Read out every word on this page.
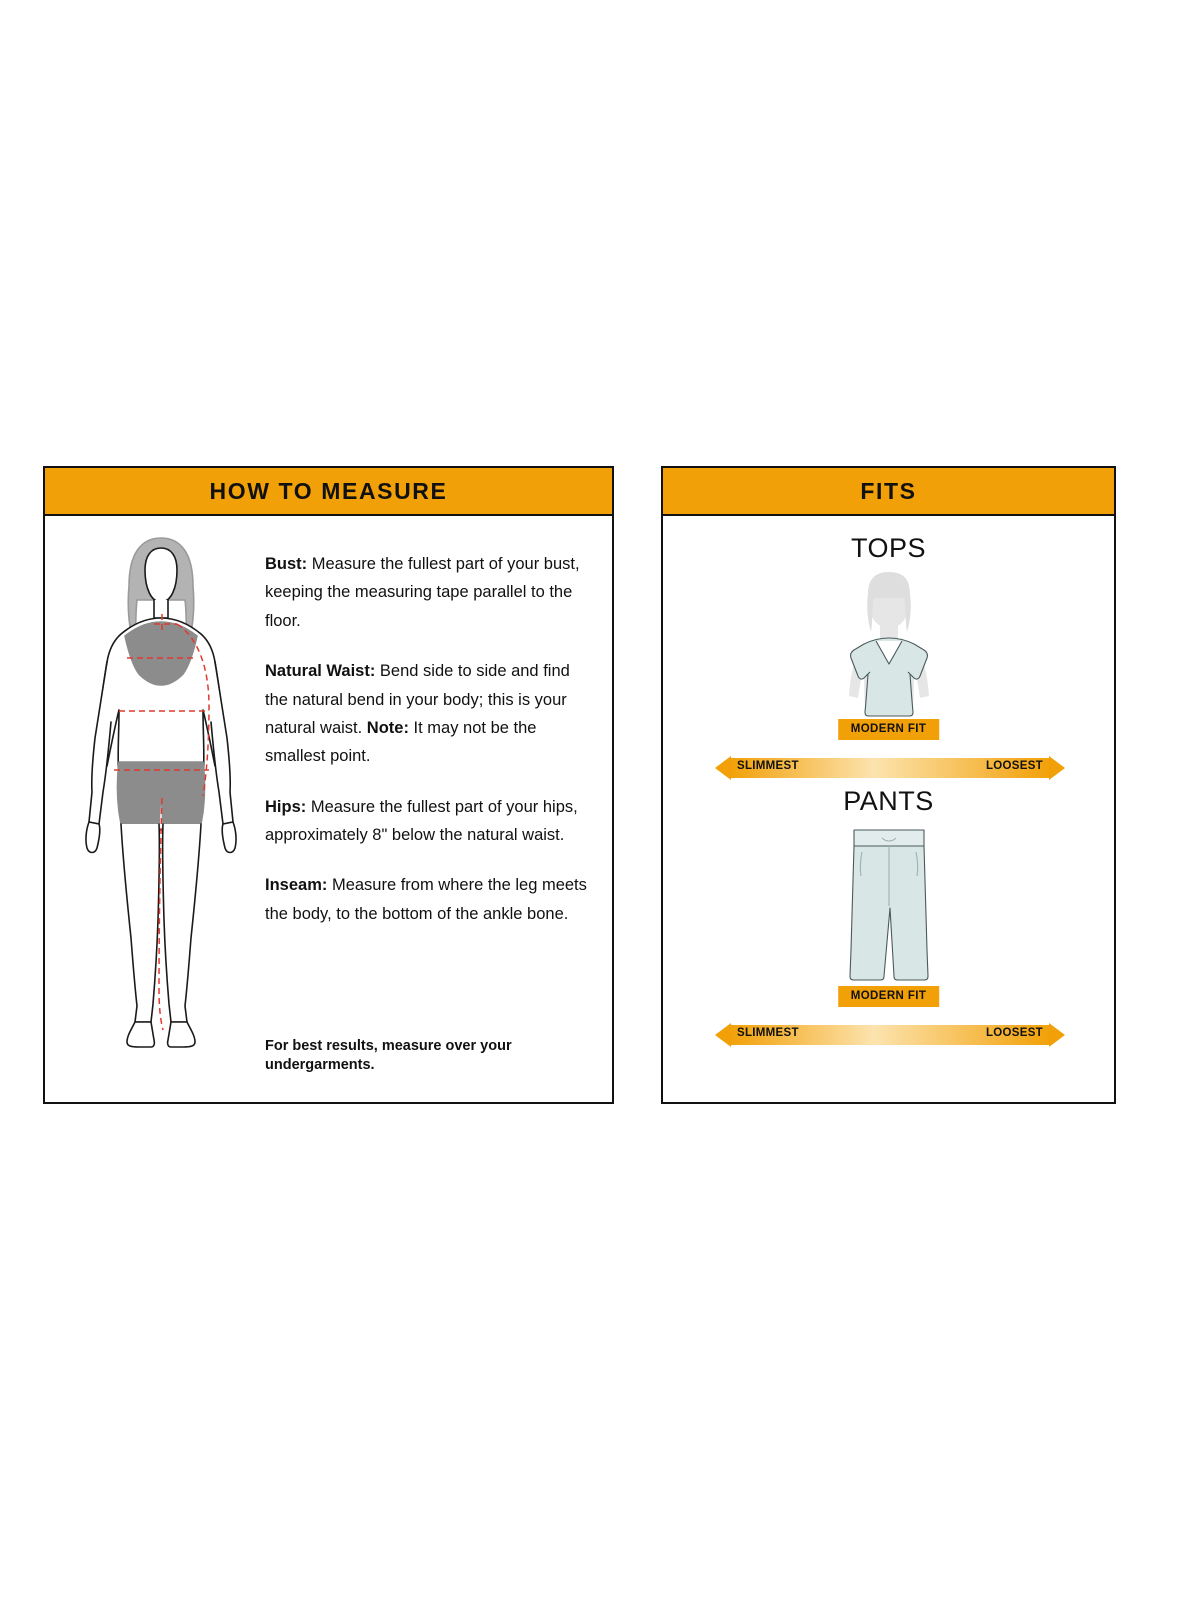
HOW TO MEASURE

Bust: Measure the fullest part of your bust, keeping the measuring tape parallel to the floor.

Natural Waist: Bend side to side and find the natural bend in your body; this is your natural waist. Note: It may not be the smallest point.

Hips: Measure the fullest part of your hips, approximately 8" below the natural waist.

Inseam: Measure from where the leg meets the body, to the bottom of the ankle bone.

For best results, measure over your undergarments.
FITS
TOPS
MODERN FIT
SLIMMEST	LOOSEST
PANTS
MODERN FIT
SLIMMEST	LOOSEST
